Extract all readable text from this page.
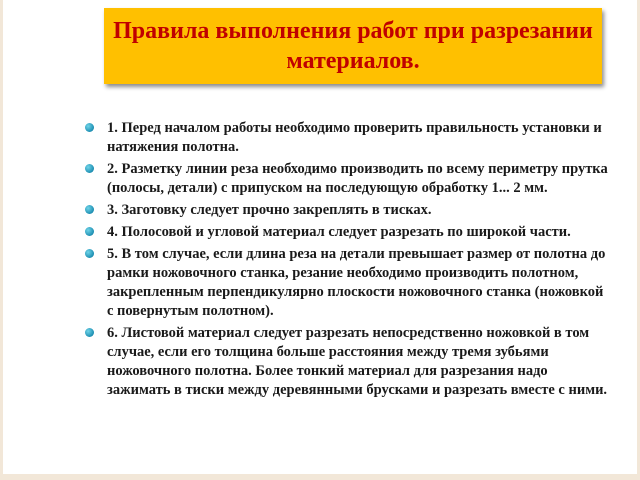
Правила выполнения работ при разрезании материалов.
1. Перед началом работы необходимо проверить правильность установки и натяжения полотна.
2. Разметку линии реза необходимо производить по всему периметру прутка (полосы, детали) с припуском на последующую обработку 1... 2 мм.
3. Заготовку следует прочно закреплять в тисках.
4. Полосовой и угловой материал следует разрезать по широкой части.
5. В том случае, если длина реза на детали превышает размер от полотна до рамки ножовочного станка, резание необходимо производить полотном, закрепленным перпендикулярно плоскости ножовочного станка (ножовкой с повернутым полотном).
6. Листовой материал следует разрезать непосредственно ножовкой в том случае, если его толщина больше расстояния между тремя зубьями ножовочного полотна. Более тонкий материал для разрезания надо зажимать в тиски между деревянными брусками и разрезать вместе с ними.
